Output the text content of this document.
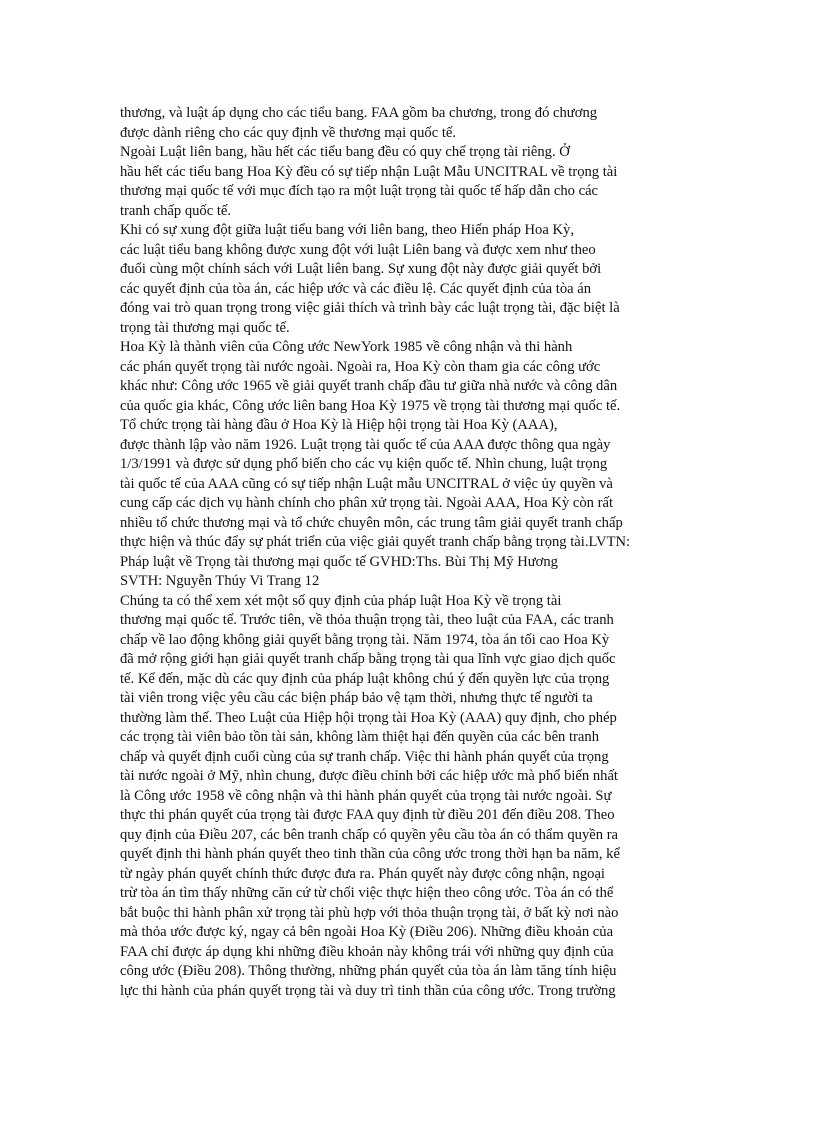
thương, và luật áp dụng cho các tiểu bang. FAA gồm ba chương, trong đó chương
được dành riêng cho các quy định về thương mại quốc tế.
Ngoài Luật liên bang, hầu hết các tiểu bang đều có quy chế trọng tài riêng. Ở
hầu hết các tiểu bang Hoa Kỳ đều có sự tiếp nhận Luật Mẫu UNCITRAL về trọng tài
thương mại quốc tế với mục đích tạo ra một luật trọng tài quốc tế hấp dẫn cho các
tranh chấp quốc tế.
Khi có sự xung đột giữa luật tiểu bang với liên bang, theo Hiến pháp Hoa Kỳ,
các luật tiểu bang không được xung đột với luật Liên bang và được xem như theo
đuổi cùng một chính sách với Luật liên bang. Sự xung đột này được giải quyết bởi
các quyết định của tòa án, các hiệp ước và các điều lệ. Các quyết định của tòa án
đóng vai trò quan trọng trong việc giải thích và trình bày các luật trọng tài, đặc biệt là
trọng tài thương mại quốc tế.
Hoa Kỳ là thành viên của Công ước NewYork 1985 về công nhận và thi hành
các phán quyết trọng tài nước ngoài. Ngoài ra, Hoa Kỳ còn tham gia các công ước
khác như: Công ước 1965 về giải quyết tranh chấp đầu tư giữa nhà nước và công dân
của quốc gia khác, Công ước liên bang Hoa Kỳ 1975 về trọng tài thương mại quốc tế.
Tổ chức trọng tài hàng đầu ở Hoa Kỳ là Hiệp hội trọng tài Hoa Kỳ (AAA),
được thành lập vào năm 1926. Luật trọng tài quốc tế của AAA được thông qua ngày
1/3/1991 và được sử dụng phổ biến cho các vụ kiện quốc tế. Nhìn chung, luật trọng
tài quốc tế của AAA cũng có sự tiếp nhận Luật mẫu UNCITRAL ở việc ủy quyền và
cung cấp các dịch vụ hành chính cho phân xử trọng tài. Ngoài AAA, Hoa Kỳ còn rất
nhiều tổ chức thương mại và tổ chức chuyên môn, các trung tâm giải quyết tranh chấp
thực hiện và thúc đẩy sự phát triển của việc giải quyết tranh chấp bằng trọng tài.LVTN:
Pháp luật về Trọng tài thương mại quốc tế GVHD:Ths. Bùi Thị Mỹ Hương
SVTH: Nguyễn Thúy Vi Trang 12
Chúng ta có thể xem xét một số quy định của pháp luật Hoa Kỳ về trọng tài
thương mại quốc tế. Trước tiên, về thỏa thuận trọng tài, theo luật của FAA, các tranh
chấp về lao động không giải quyết bằng trọng tài. Năm 1974, tòa án tối cao Hoa Kỳ
đã mở rộng giới hạn giải quyết tranh chấp bằng trọng tài qua lĩnh vực giao dịch quốc
tế. Kể đến, mặc dù các quy định của pháp luật không chú ý đến quyền lực của trọng
tài viên trong việc yêu cầu các biện pháp bảo vệ tạm thời, nhưng thực tế người ta
thường làm thế. Theo Luật của Hiệp hội trọng tài Hoa Kỳ (AAA) quy định, cho phép
các trọng tài viên bảo tồn tài sản, không làm thiệt hại đến quyền của các bên tranh
chấp và quyết định cuối cùng của sự tranh chấp. Việc thi hành phán quyết của trọng
tài nước ngoài ở Mỹ, nhìn chung, được điều chỉnh bởi các hiệp ước mà phổ biến nhất
là Công ước 1958 về công nhận và thi hành phán quyết của trọng tài nước ngoài. Sự
thực thi phán quyết của trọng tài được FAA quy định từ điều 201 đến điều 208. Theo
quy định của Điều 207, các bên tranh chấp có quyền yêu cầu tòa án có thẩm quyền ra
quyết định thi hành phán quyết theo tinh thần của công ước trong thời hạn ba năm, kể
từ ngày phán quyết chính thức được đưa ra. Phán quyết này được công nhận, ngoại
trừ tòa án tìm thấy những căn cứ từ chối việc thực hiện theo công ước. Tòa án có thể
bắt buộc thi hành phân xử trọng tài phù hợp với thỏa thuận trọng tài, ở bất kỳ nơi nào
mà thỏa ước được ký, ngay cả bên ngoài Hoa Kỳ (Điều 206). Những điều khoản của
FAA chỉ được áp dụng khi những điều khoản này không trái với những quy định của
công ước (Điều 208). Thông thường, những phán quyết của tòa án làm tăng tính hiệu
lực thi hành của phán quyết trọng tài và duy trì tinh thần của công ước. Trong trường
